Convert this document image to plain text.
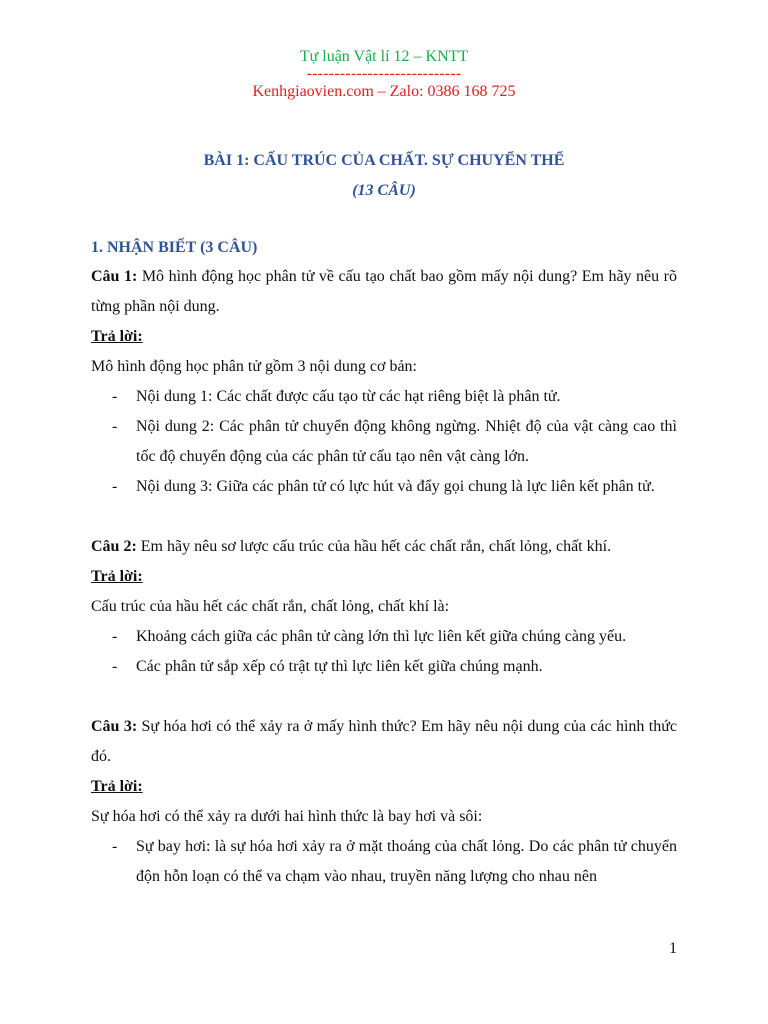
Tự luận Vật lí 12 – KNTT
----------------------------
Kenhgiaovien.com – Zalo: 0386 168 725
BÀI 1: CẤU TRÚC CỦA CHẤT. SỰ CHUYỂN THỂ
(13 CÂU)
1. NHẬN BIẾT (3 CÂU)
Câu 1: Mô hình động học phân tử về cấu tạo chất bao gồm mấy nội dung? Em hãy nêu rõ từng phần nội dung.
Trả lời:
Mô hình động học phân tử gồm 3 nội dung cơ bản:
- Nội dung 1: Các chất được cấu tạo từ các hạt riêng biệt là phân tử.
- Nội dung 2: Các phân tử chuyển động không ngừng. Nhiệt độ của vật càng cao thì tốc độ chuyển động của các phân tử cấu tạo nên vật càng lớn.
- Nội dung 3: Giữa các phân tử có lực hút và đẩy gọi chung là lực liên kết phân tử.
Câu 2: Em hãy nêu sơ lược cấu trúc của hầu hết các chất rắn, chất lỏng, chất khí.
Trả lời:
Cấu trúc của hầu hết các chất rắn, chất lỏng, chất khí là:
- Khoảng cách giữa các phân tử càng lớn thì lực liên kết giữa chúng càng yếu.
- Các phân tử sắp xếp có trật tự thì lực liên kết giữa chúng mạnh.
Câu 3: Sự hóa hơi có thể xảy ra ở mấy hình thức? Em hãy nêu nội dung của các hình thức đó.
Trả lời:
Sự hóa hơi có thể xảy ra dưới hai hình thức là bay hơi và sôi:
- Sự bay hơi: là sự hóa hơi xảy ra ở mặt thoáng của chất lỏng. Do các phân tử chuyển độn hỗn loạn có thể va chạm vào nhau, truyền năng lượng cho nhau nên
1
